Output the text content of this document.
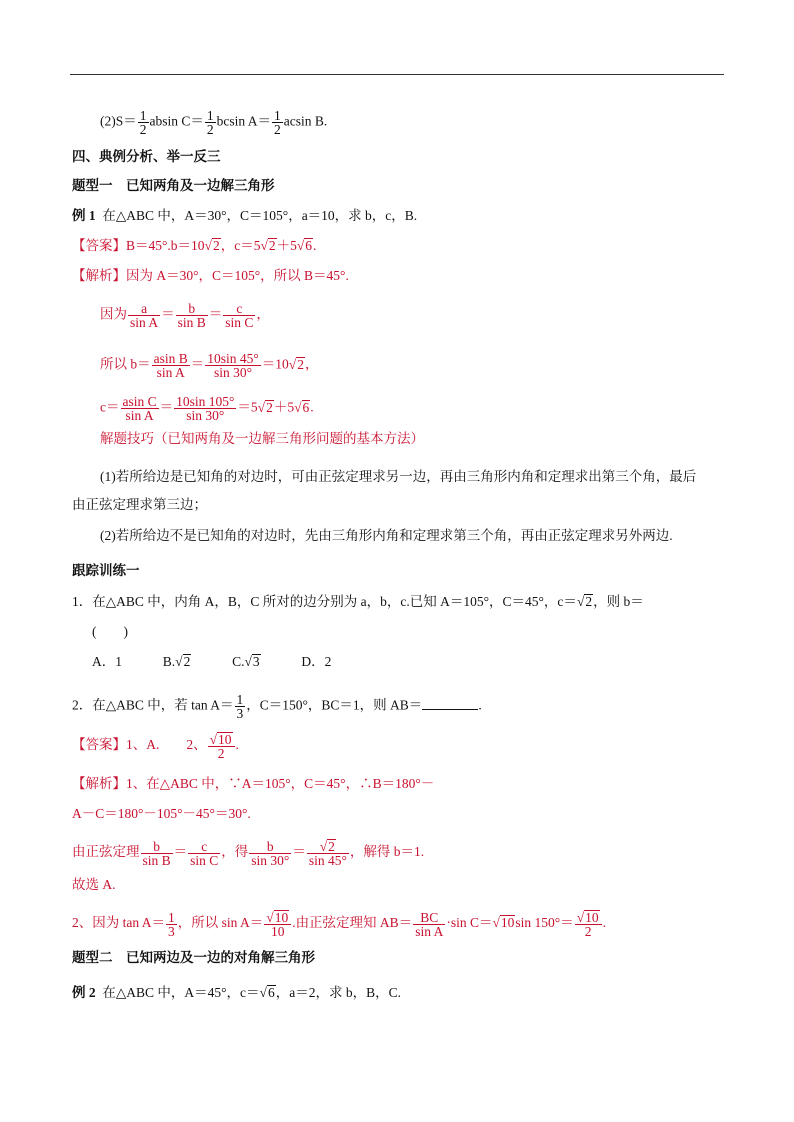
$(2)S= \frac{1}{2}$ absin $C= \frac{1}{2}$ bcsin $A= \frac{1}{2}$ acsin B.
四、典例分析、举一反三
题型一　已知两角及一边解三角形
例 1 在△ABC 中，A＝30°，C＝105°，a＝10，求 b，c，B.
【答案】B＝45°.b＝10√2，c＝5√2＋5√6.
【解析】因为 A＝30°，C＝105°，所以 B＝45°.
因为 $\frac{a}{\text{sin A}} = \frac{b}{\text{sin B}} = \frac{c}{\text{sin C}}$ ，
所以 $b= \frac{\text{asin B}}{\text{sin A}} = \frac{10\sin 45^\circ}{\sin 30^\circ} =10√2$，
$c= \frac{\text{asin C}}{\text{sin A}} = \frac{10\sin 105^\circ}{\sin 30^\circ} =5√2+5√6$.
解题技巧（已知两角及一边解三角形问题的基本方法）
(1)若所给边是已知角的对边时，可由正弦定理求另一边，再由三角形内角和定理求出第三个角，最后
由正弦定理求第三边；
(2)若所给边不是已知角的对边时，先由三角形内角和定理求第三个角，再由正弦定理求另外两边.
跟踪训练一
1．在△ABC 中，内角 A，B，C 所对的边分别为 a，b，c.已知 A＝105°，C＝45°，c＝√2，则 b＝
(　　)
A．1	B.√2	C.√3	D．2
2．在△ABC 中，若 $\tan A= \frac{1}{3}$ ，C＝150°，BC＝1，则 AB＝	.
【答案】1、A.　　2、 $\frac{√10}{2}$ .
【解析】1、在△ABC 中，∵A＝105°，C＝45°，∴B＝180°－
A－C＝180°－105°－45°＝30°.
由正弦定理 $\frac{b}{\text{sin B}} = \frac{c}{\text{sin C}}$ ，得 $\frac{b}{\sin 30^\circ} = \frac{√2}{\sin 45^\circ}$ ，解得 b＝1.
故选 A.
2、因为 $\tan A= \frac{1}{3}$ ，所以 $\sin A= \frac{√10}{10}$ .由正弦定理知 $AB= \frac{BC}{\text{sin A}} \cdot\sin$ C＝√10sin $150^\circ= \frac{√10}{2}$ .
题型二　已知两边及一边的对角解三角形
例 2 在△ABC 中，A＝45°，c＝√6，a＝2，求 b，B，C.
